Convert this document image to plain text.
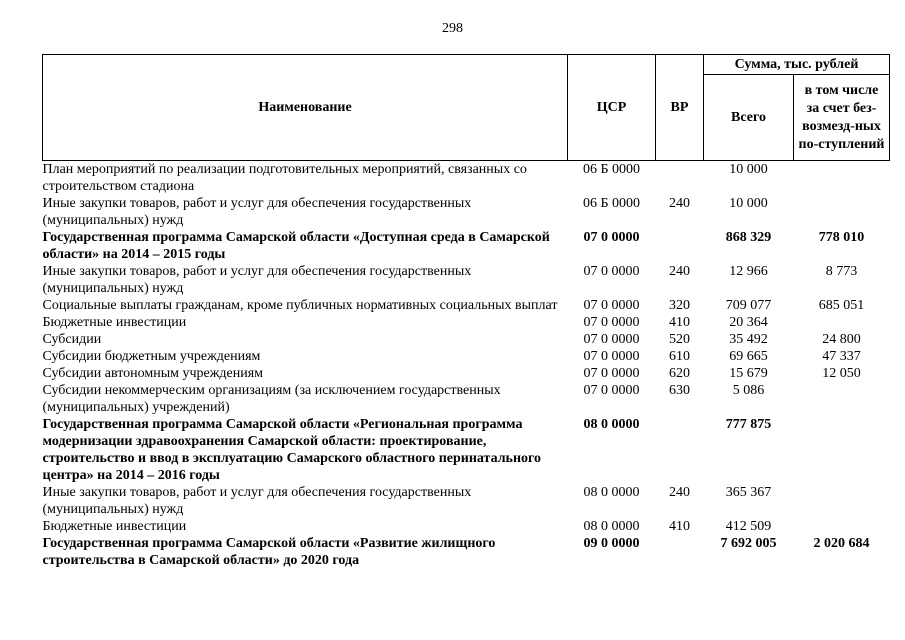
298
Наименование	ЦСР	ВР	Сумма, тыс. рублей	
			Всего	в том числе за счет без-возмезд-ных по-ступлений
План мероприятий по реализации подготовительных мероприятий, связанных со строительством стадиона	06 Б 0000		10 000	
Иные закупки товаров, работ и услуг для обеспечения государственных (муниципальных) нужд	06 Б 0000	240	10 000	
Государственная программа Самарской области «Доступная среда в Самарской области» на 2014 – 2015 годы	07 0 0000		868 329	778 010
Иные закупки товаров, работ и услуг для обеспечения государственных (муниципальных) нужд	07 0 0000	240	12 966	8 773
Социальные выплаты гражданам, кроме публичных нормативных социальных выплат	07 0 0000	320	709 077	685 051
Бюджетные инвестиции	07 0 0000	410	20 364	
Субсидии	07 0 0000	520	35 492	24 800
Субсидии бюджетным учреждениям	07 0 0000	610	69 665	47 337
Субсидии автономным учреждениям	07 0 0000	620	15 679	12 050
Субсидии некоммерческим организациям (за исключением государственных (муниципальных) учреждений)	07 0 0000	630	5 086	
Государственная программа Самарской области «Региональная программа модернизации здравоохранения Самарской области: проектирование, строительство и ввод в эксплуатацию Самарского областного перинатального центра» на 2014 – 2016 годы	08 0 0000		777 875	
Иные закупки товаров, работ и услуг для обеспечения государственных (муниципальных) нужд	08 0 0000	240	365 367	
Бюджетные инвестиции	08 0 0000	410	412 509	
Государственная программа Самарской области «Развитие жилищного строительства в Самарской области» до 2020 года	09 0 0000		7 692 005	2 020 684
